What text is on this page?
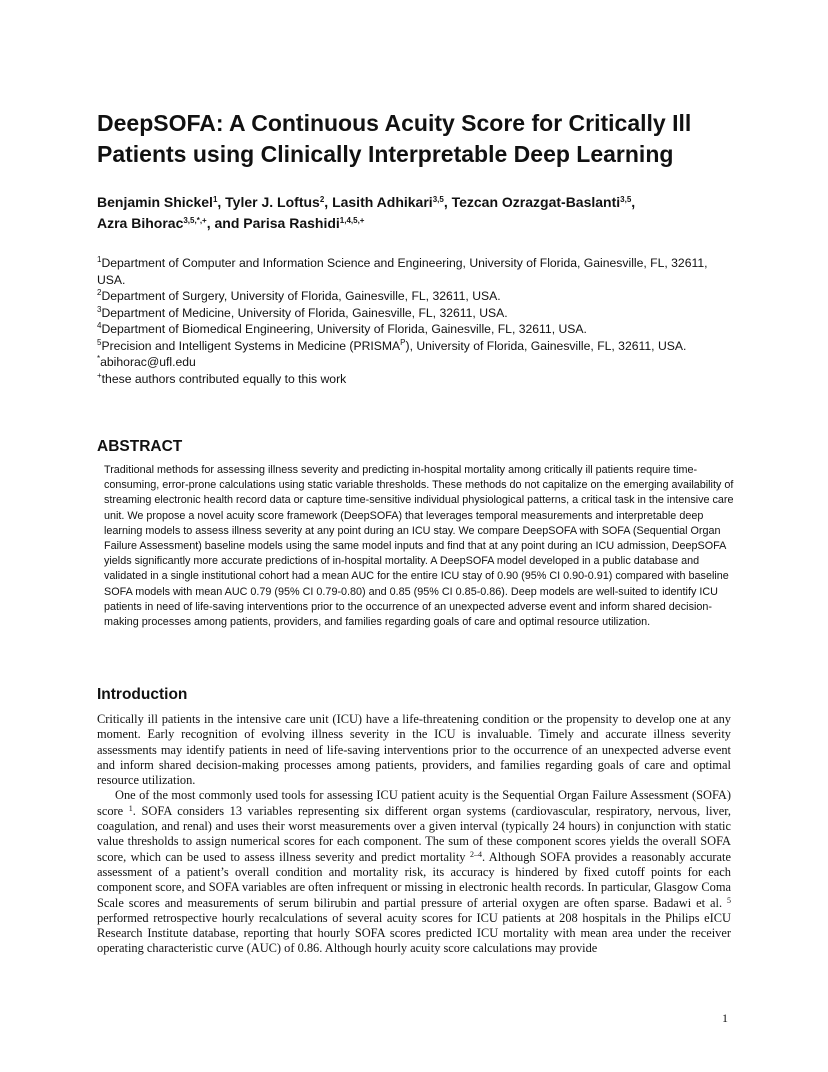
DeepSOFA: A Continuous Acuity Score for Critically Ill Patients using Clinically Interpretable Deep Learning

Benjamin Shickel$^1$, Tyler J. Loftus$^2$, Lasith Adhikari$^{3,5}$, Tezcan Ozrazgat-Baslanti$^{3,5}$,
Azra Bihorac$^{3,5,*,+}$, and Parisa Rashidi$^{1,4,5,+}$

$^1$Department of Computer and Information Science and Engineering, University of Florida, Gainesville, FL, 32611, USA.

$^2$Department of Surgery, University of Florida, Gainesville, FL, 32611, USA.

$^3$Department of Medicine, University of Florida, Gainesville, FL, 32611, USA.

$^4$Department of Biomedical Engineering, University of Florida, Gainesville, FL, 32611, USA.

$^5$Precision and Intelligent Systems in Medicine $(PRISMA^P)$, University of Florida, Gainesville, FL, 32611, USA.

*abihorac@ufl.edu

+these authors contributed equally to this work

ABSTRACT

Traditional methods for assessing illness severity and predicting in-hospital mortality among critically ill patients require time-consuming, error-prone calculations using static variable thresholds. These methods do not capitalize on the emerging availability of streaming electronic health record data or capture time-sensitive individual physiological patterns, a critical task in the intensive care unit. We propose a novel acuity score framework (DeepSOFA) that leverages temporal measurements and interpretable deep learning models to assess illness severity at any point during an ICU stay. We compare DeepSOFA with SOFA (Sequential Organ Failure Assessment) baseline models using the same model inputs and find that at any point during an ICU admission, DeepSOFA yields significantly more accurate predictions of in-hospital mortality. A DeepSOFA model developed in a public database and validated in a single institutional cohort had a mean AUC for the entire ICU stay of 0.90 (95% CI 0.90-0.91) compared with baseline SOFA models with mean AUC 0.79 (95% CI 0.79-0.80) and 0.85 (95% CI 0.85-0.86). Deep models are well-suited to identify ICU patients in need of life-saving interventions prior to the occurrence of an unexpected adverse event and inform shared decision-making processes among patients, providers, and families regarding goals of care and optimal resource utilization.

Introduction

Critically ill patients in the intensive care unit (ICU) have a life-threatening condition or the propensity to develop one at any moment. Early recognition of evolving illness severity in the ICU is invaluable. Timely and accurate illness severity assessments may identify patients in need of life-saving interventions prior to the occurrence of an unexpected adverse event and inform shared decision-making processes among patients, providers, and families regarding goals of care and optimal resource utilization.

One of the most commonly used tools for assessing ICU patient acuity is the Sequential Organ Failure Assessment (SOFA) score $^1$. SOFA considers 13 variables representing six different organ systems (cardiovascular, respiratory, nervous, liver, coagulation, and renal) and uses their worst measurements over a given interval (typically 24 hours) in conjunction with static value thresholds to assign numerical scores for each component. The sum of these component scores yields the overall SOFA score, which can be used to assess illness severity and predict mortality $^{2-4}$. Although SOFA provides a reasonably accurate assessment of a patient’s overall condition and mortality risk, its accuracy is hindered by fixed cutoff points for each component score, and SOFA variables are often infrequent or missing in electronic health records. In particular, Glasgow Coma Scale scores and measurements of serum bilirubin and partial pressure of arterial oxygen are often sparse. Badawi et al. $^5$ performed retrospective hourly recalculations of several acuity scores for ICU patients at 208 hospitals in the Philips eICU Research Institute database, reporting that hourly SOFA scores predicted ICU mortality with mean area under the receiver operating characteristic curve (AUC) of 0.86. Although hourly acuity score calculations may provide

1
